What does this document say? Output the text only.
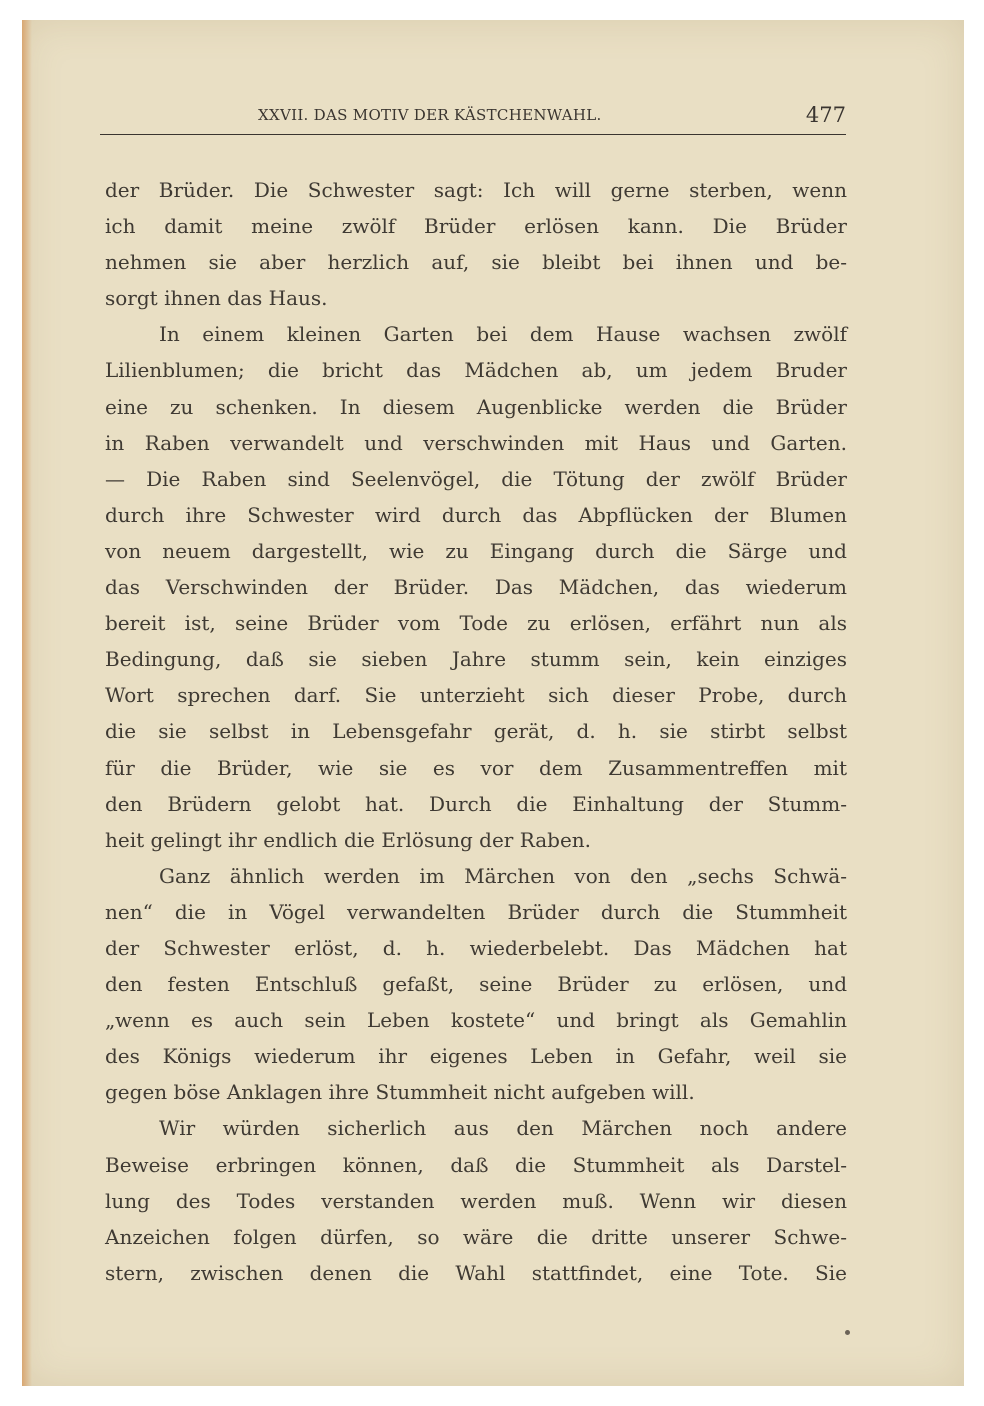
XXVII. DAS MOTIV DER KÄSTCHENWAHL.	477
der Brüder. Die Schwester sagt: Ich will gerne sterben, wenn
ich damit meine zwölf Brüder erlösen kann. Die Brüder
nehmen sie aber herzlich auf, sie bleibt bei ihnen und be-
sorgt ihnen das Haus.
In einem kleinen Garten bei dem Hause wachsen zwölf
Lilienblumen; die bricht das Mädchen ab, um jedem Bruder
eine zu schenken. In diesem Augenblicke werden die Brüder
in Raben verwandelt und verschwinden mit Haus und Garten.
— Die Raben sind Seelenvögel, die Tötung der zwölf Brüder
durch ihre Schwester wird durch das Abpflücken der Blumen
von neuem dargestellt, wie zu Eingang durch die Särge und
das Verschwinden der Brüder. Das Mädchen, das wiederum
bereit ist, seine Brüder vom Tode zu erlösen, erfährt nun als
Bedingung, daß sie sieben Jahre stumm sein, kein einziges
Wort sprechen darf. Sie unterzieht sich dieser Probe, durch
die sie selbst in Lebensgefahr gerät, d. h. sie stirbt selbst
für die Brüder, wie sie es vor dem Zusammentreffen mit
den Brüdern gelobt hat. Durch die Einhaltung der Stumm-
heit gelingt ihr endlich die Erlösung der Raben.
Ganz ähnlich werden im Märchen von den „sechs Schwä-
nen“ die in Vögel verwandelten Brüder durch die Stummheit
der Schwester erlöst, d. h. wiederbelebt. Das Mädchen hat
den festen Entschluß gefaßt, seine Brüder zu erlösen, und
„wenn es auch sein Leben kostete“ und bringt als Gemahlin
des Königs wiederum ihr eigenes Leben in Gefahr, weil sie
gegen böse Anklagen ihre Stummheit nicht aufgeben will.
Wir würden sicherlich aus den Märchen noch andere
Beweise erbringen können, daß die Stummheit als Darstel-
lung des Todes verstanden werden muß. Wenn wir diesen
Anzeichen folgen dürfen, so wäre die dritte unserer Schwe-
stern, zwischen denen die Wahl stattfindet, eine Tote. Sie
